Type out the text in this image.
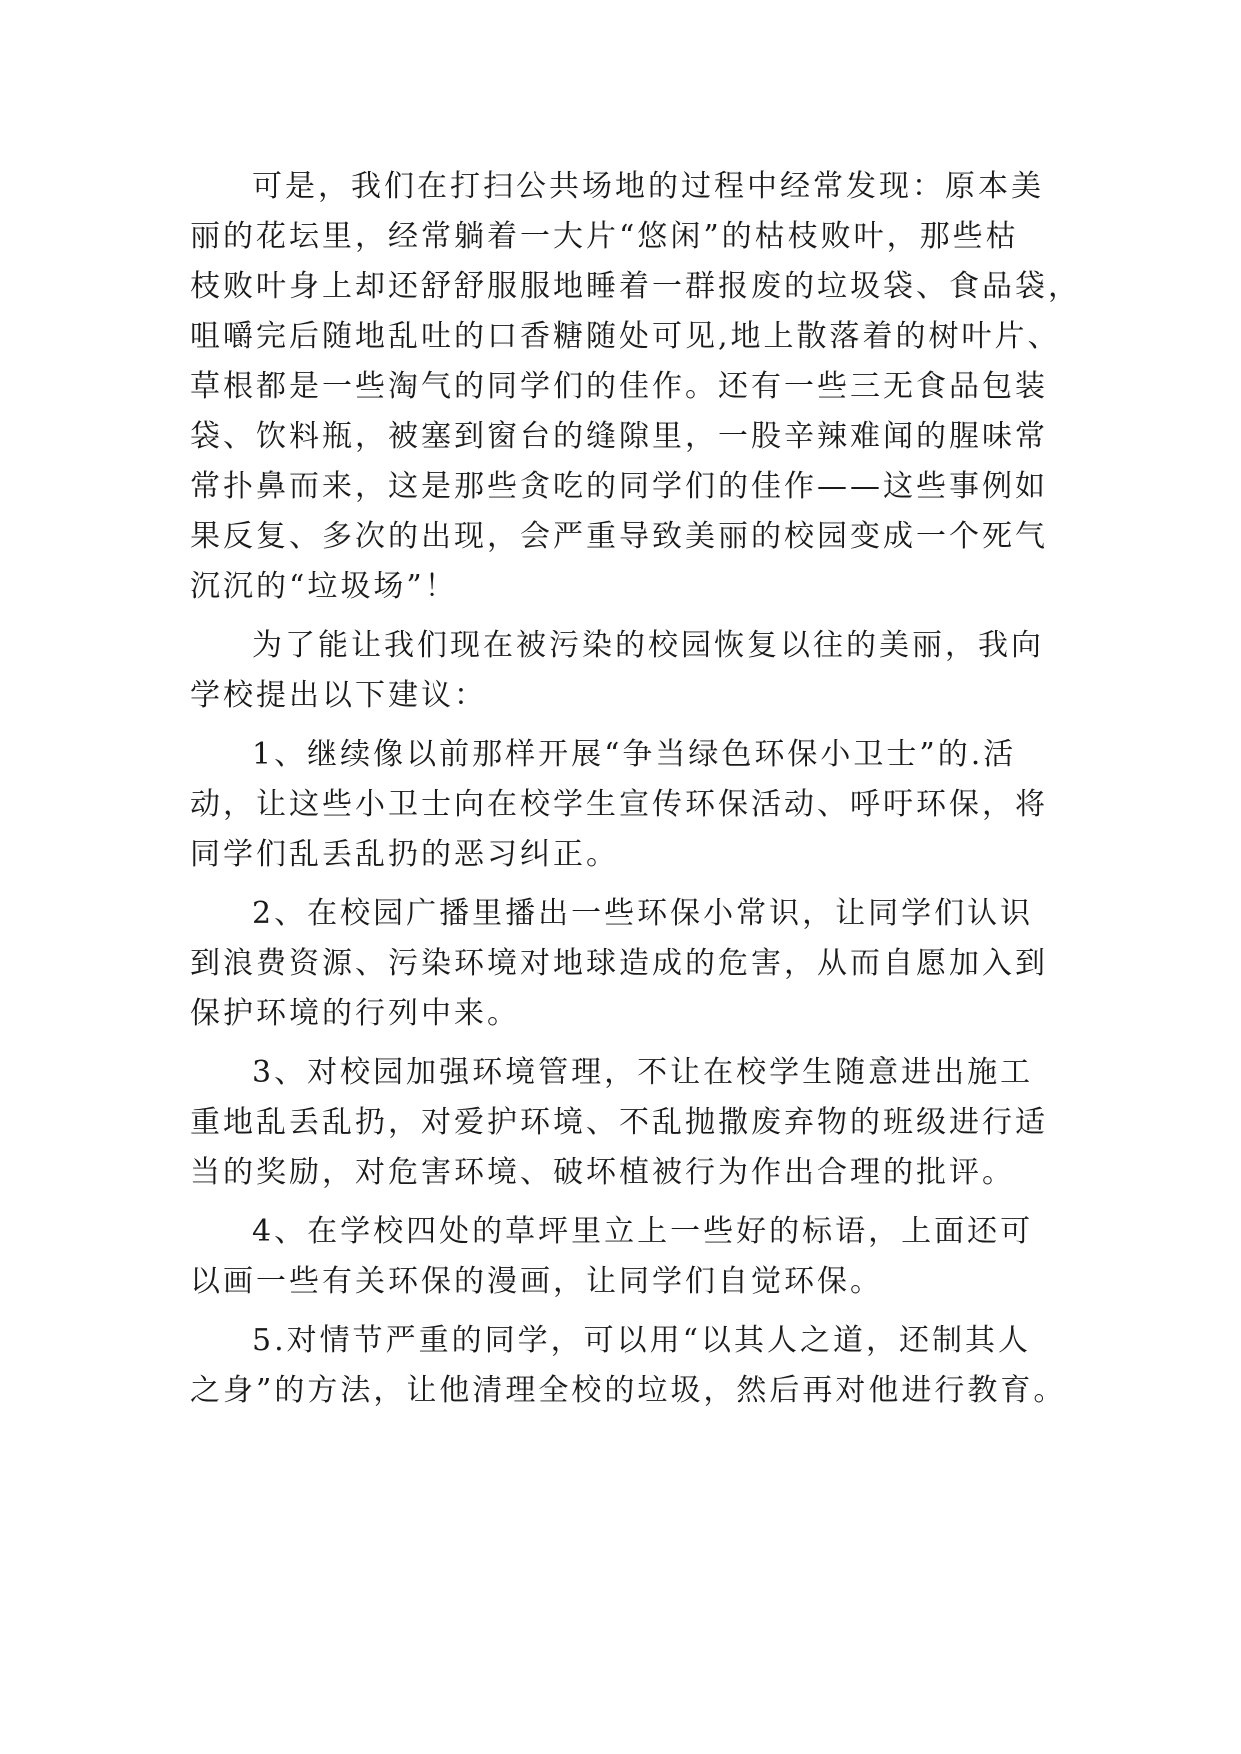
可是，我们在打扫公共场地的过程中经常发现：原本美
丽的花坛里，经常躺着一大片“悠闲”的枯枝败叶，那些枯
枝败叶身上却还舒舒服服地睡着一群报废的垃圾袋、食品袋，
咀嚼完后随地乱吐的口香糖随处可见,地上散落着的树叶片、
草根都是一些淘气的同学们的佳作。还有一些三无食品包装
袋、饮料瓶，被塞到窗台的缝隙里，一股辛辣难闻的腥味常
常扑鼻而来，这是那些贪吃的同学们的佳作——这些事例如
果反复、多次的出现，会严重导致美丽的校园变成一个死气
沉沉的“垃圾场”！

为了能让我们现在被污染的校园恢复以往的美丽，我向
学校提出以下建议：

1、继续像以前那样开展“争当绿色环保小卫士”的.活
动，让这些小卫士向在校学生宣传环保活动、呼吁环保，将
同学们乱丢乱扔的恶习纠正。

2、在校园广播里播出一些环保小常识，让同学们认识
到浪费资源、污染环境对地球造成的危害，从而自愿加入到
保护环境的行列中来。

3、对校园加强环境管理，不让在校学生随意进出施工
重地乱丢乱扔，对爱护环境、不乱抛撒废弃物的班级进行适
当的奖励，对危害环境、破坏植被行为作出合理的批评。

4、在学校四处的草坪里立上一些好的标语，上面还可
以画一些有关环保的漫画，让同学们自觉环保。

5.对情节严重的同学，可以用“以其人之道，还制其人
之身”的方法，让他清理全校的垃圾，然后再对他进行教育。
